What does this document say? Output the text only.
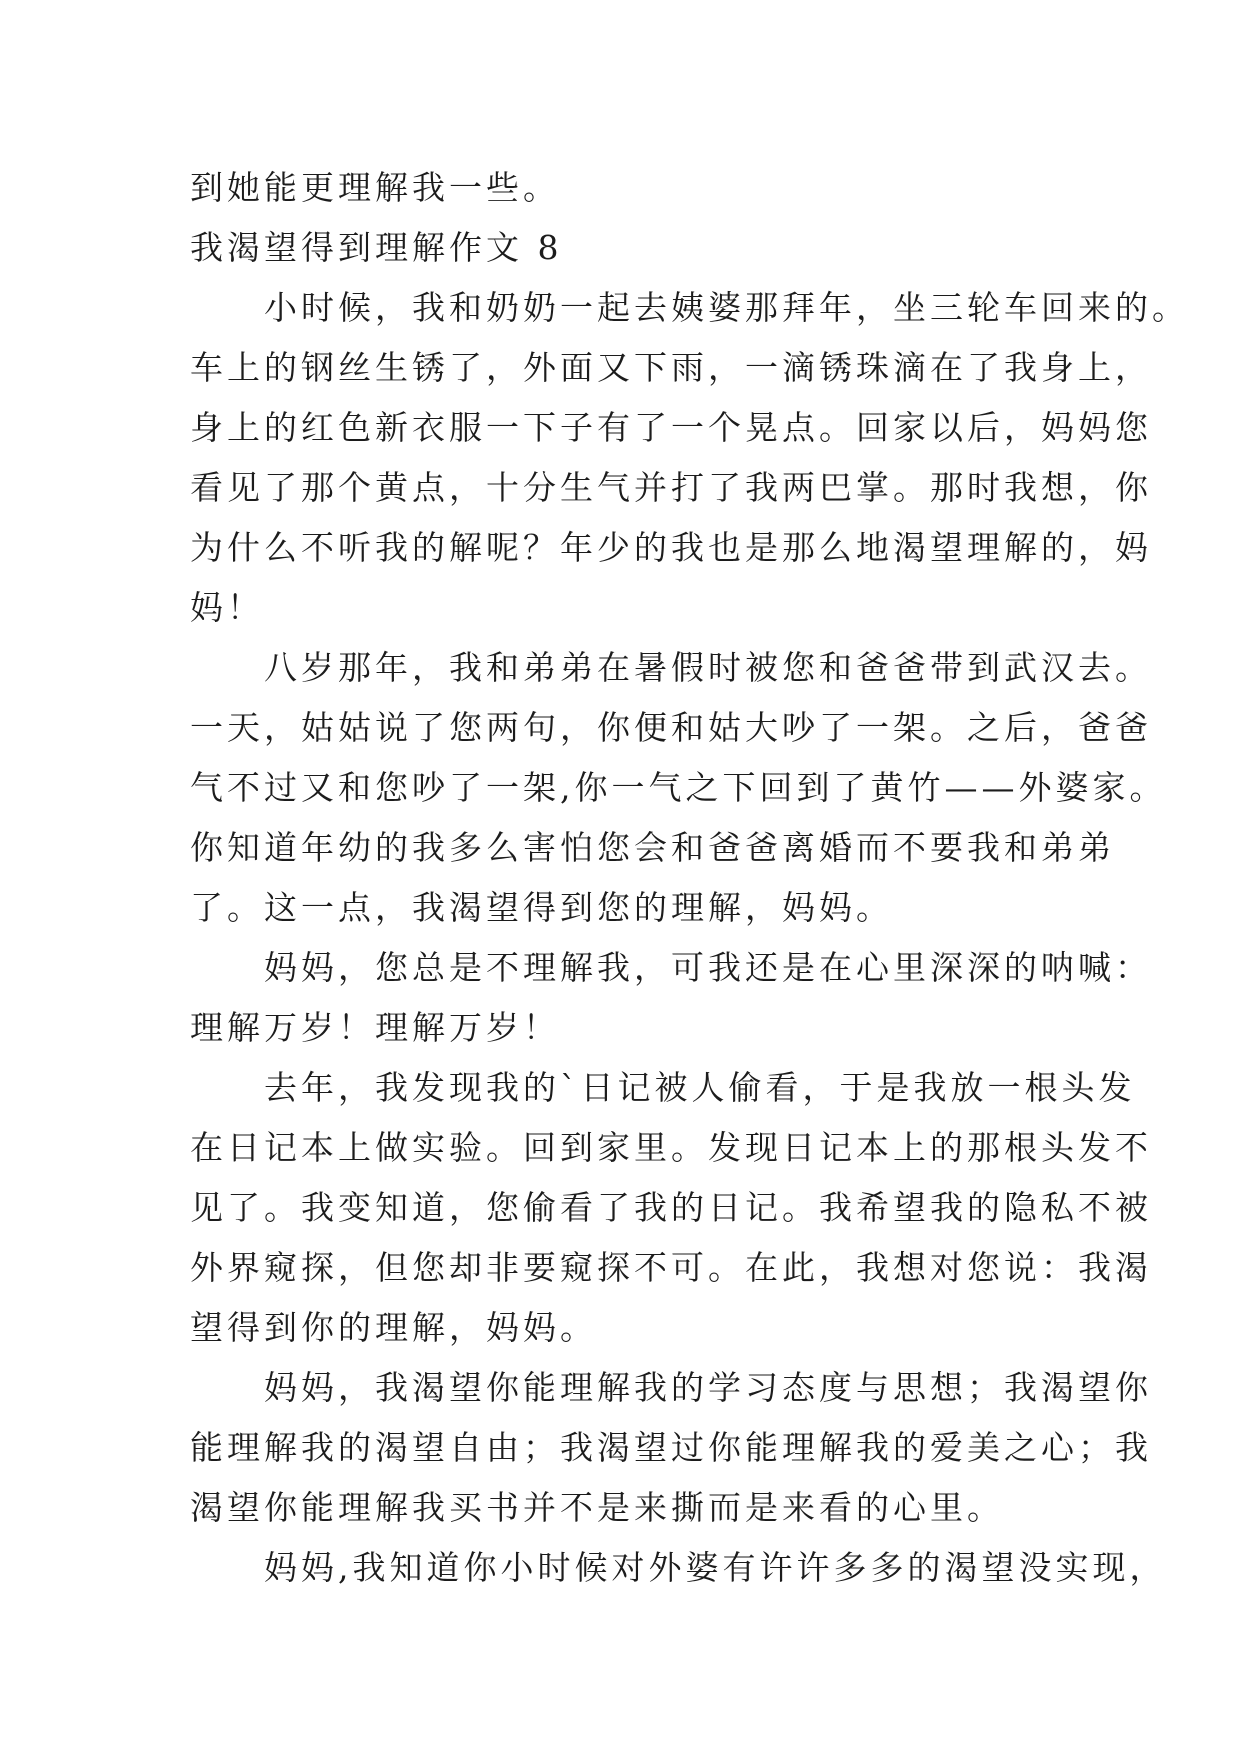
到她能更理解我一些。
我渴望得到理解作文 8
　　小时候，我和奶奶一起去姨婆那拜年，坐三轮车回来的。
车上的钢丝生锈了，外面又下雨，一滴锈珠滴在了我身上，
身上的红色新衣服一下子有了一个晃点。回家以后，妈妈您
看见了那个黄点，十分生气并打了我两巴掌。那时我想，你
为什么不听我的解呢？年少的我也是那么地渴望理解的，妈
妈！
　　八岁那年，我和弟弟在暑假时被您和爸爸带到武汉去。
一天，姑姑说了您两句，你便和姑大吵了一架。之后，爸爸
气不过又和您吵了一架,你一气之下回到了黄竹——外婆家。
你知道年幼的我多么害怕您会和爸爸离婚而不要我和弟弟
了。这一点，我渴望得到您的理解，妈妈。
　　妈妈，您总是不理解我，可我还是在心里深深的呐喊：
理解万岁！理解万岁！
　　去年，我发现我的`日记被人偷看，于是我放一根头发
在日记本上做实验。回到家里。发现日记本上的那根头发不
见了。我变知道，您偷看了我的日记。我希望我的隐私不被
外界窥探，但您却非要窥探不可。在此，我想对您说：我渴
望得到你的理解，妈妈。
　　妈妈，我渴望你能理解我的学习态度与思想；我渴望你
能理解我的渴望自由；我渴望过你能理解我的爱美之心；我
渴望你能理解我买书并不是来撕而是来看的心里。
　　妈妈,我知道你小时候对外婆有许许多多的渴望没实现，
